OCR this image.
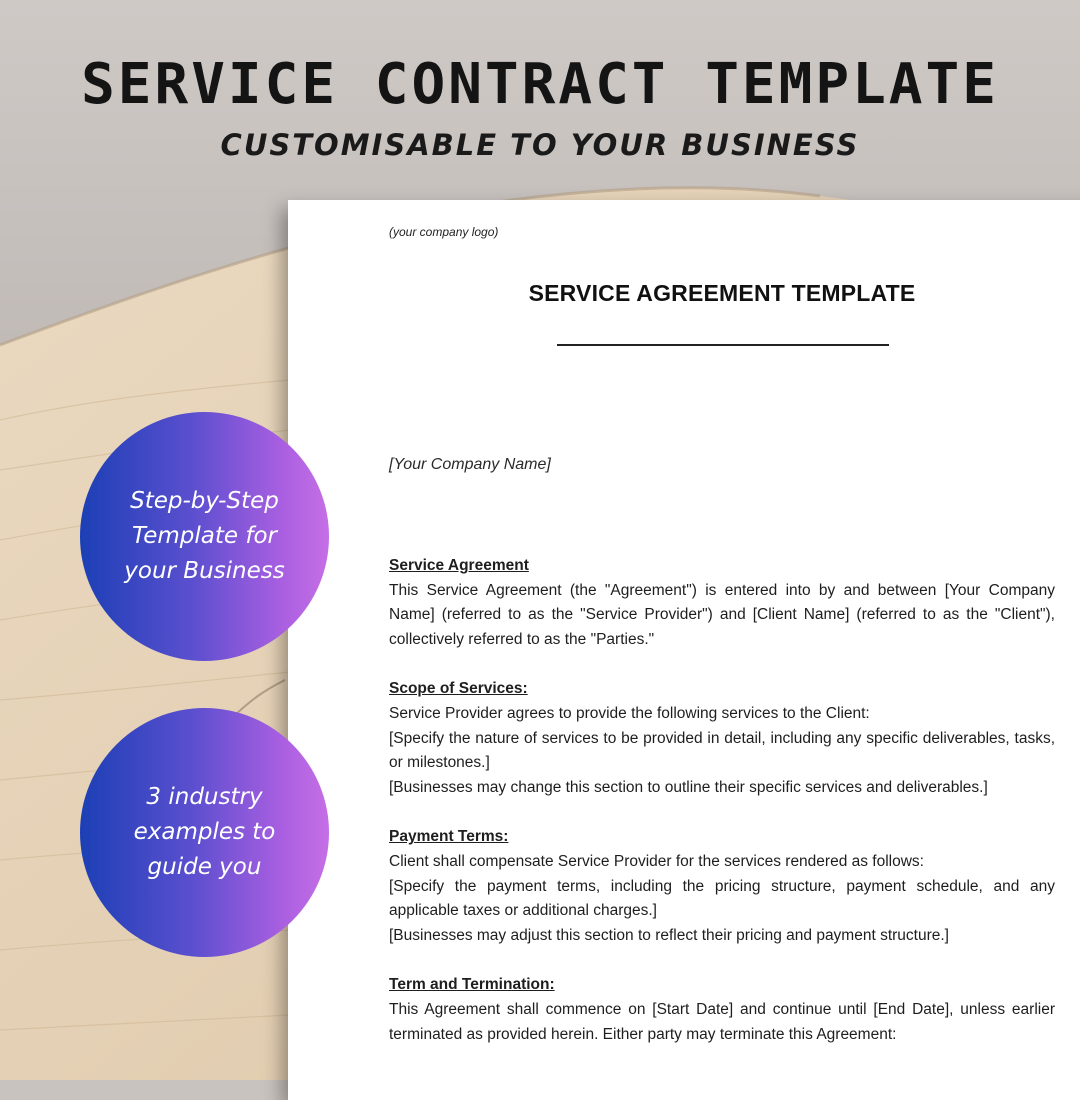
SERVICE CONTRACT TEMPLATE
CUSTOMISABLE TO YOUR BUSINESS
(your company logo)
SERVICE AGREEMENT TEMPLATE
[Your Company Name]
Service Agreement
This Service Agreement (the "Agreement") is entered into by and between [Your Company Name] (referred to as the "Service Provider") and [Client Name] (referred to as the "Client"), collectively referred to as the "Parties."
Scope of Services:
Service Provider agrees to provide the following services to the Client:
[Specify the nature of services to be provided in detail, including any specific deliverables, tasks, or milestones.]
[Businesses may change this section to outline their specific services and deliverables.]
Payment Terms:
Client shall compensate Service Provider for the services rendered as follows:
[Specify the payment terms, including the pricing structure, payment schedule, and any applicable taxes or additional charges.]
[Businesses may adjust this section to reflect their pricing and payment structure.]
Term and Termination:
This Agreement shall commence on [Start Date] and continue until [End Date], unless earlier terminated as provided herein. Either party may terminate this Agreement:
Step-by-Step Template for your Business
3 industry examples to guide you
